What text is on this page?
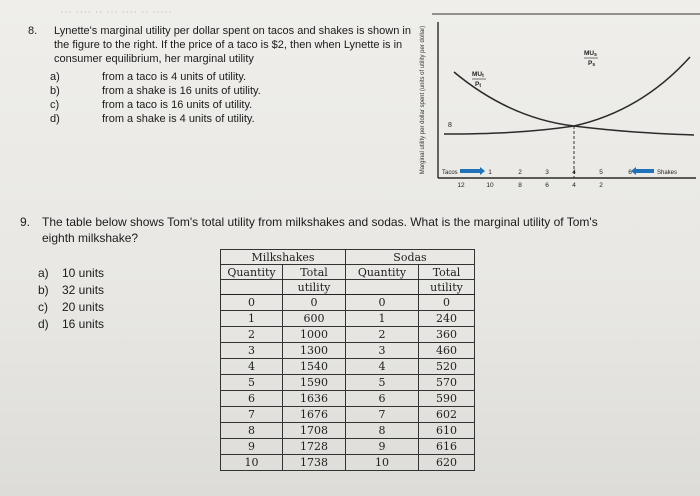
··· ···· ·· ··· ···· ·· ·····
8. Lynette's marginal utility per dollar spent on tacos and shakes is shown in the figure to the right. If the price of a taco is $2, then when Lynette is in consumer equilibrium, her marginal utility
a)	from a taco is 4 units of utility.
b)	from a shake is 16 units of utility.
c)	from a taco is 16 units of utility.
d)	from a shake is 4 units of utility.	Marginal utility per dollar spent (units of utility per dollar)	8
MUt
Pt
MUs
Ps
Tacos	Shakes
1	2	3	4	5	6
12	10	8	6	4	2
9. The table below shows Tom's total utility from milkshakes and sodas. What is the marginal utility of Tom's
eighth milkshake?
a) 10 units
b) 32 units
c) 20 units
d) 16 units
Milkshakes		Sodas	
Quantity	Total	Quantity	Total
	utility		utility
0	0	0	0
1	600	1	240
2	1000	2	360
3	1300	3	460
4	1540	4	520
5	1590	5	570
6	1636	6	590
7	1676	7	602
8	1708	8	610
9	1728	9	616
10	1738	10	620
